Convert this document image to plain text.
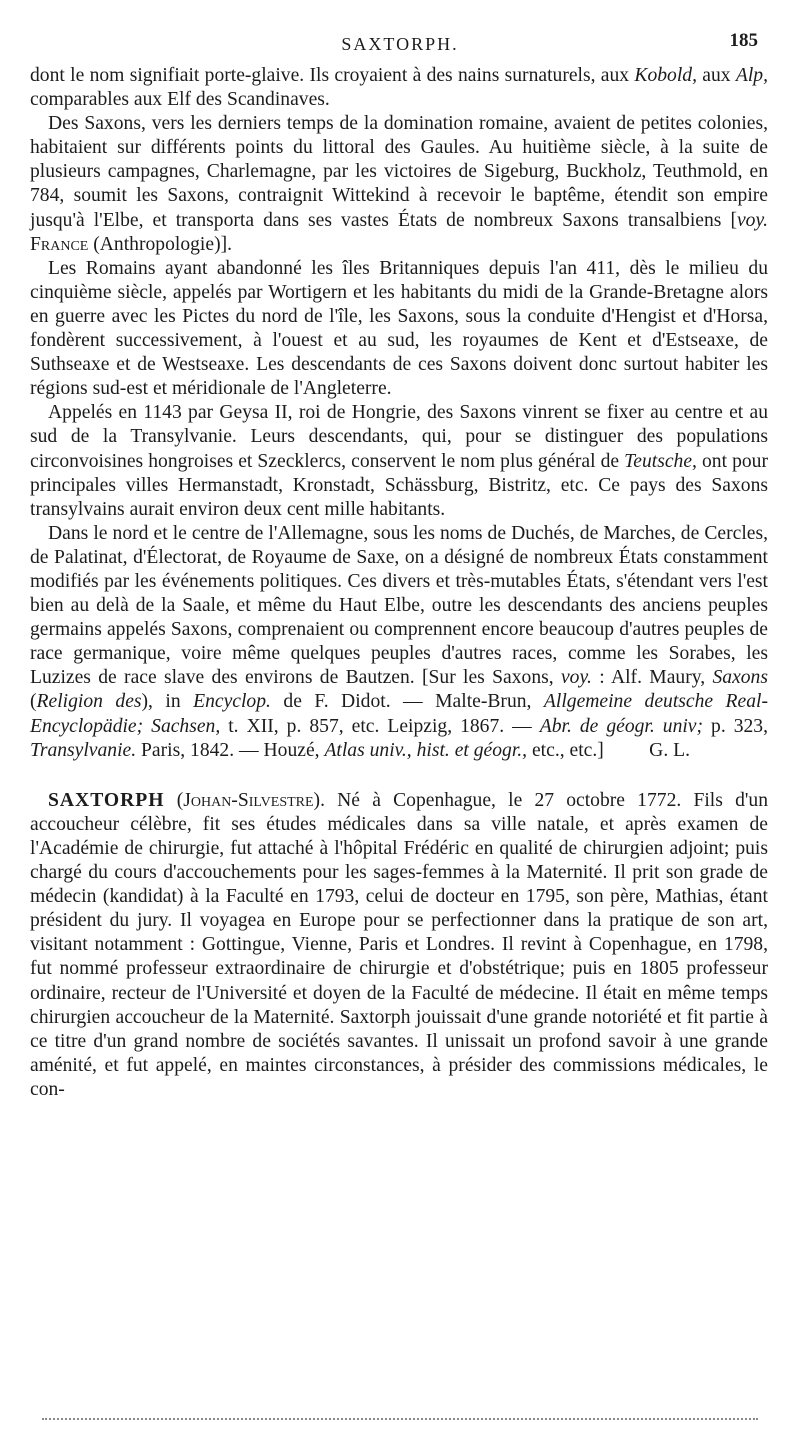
SAXTORPH.	185

dont le nom signifiait porte-glaive. Ils croyaient à des nains surnaturels, aux Kobold, aux Alp, comparables aux Elf des Scandinaves.

Des Saxons, vers les derniers temps de la domination romaine, avaient de petites colonies, habitaient sur différents points du littoral des Gaules. Au huitième siècle, à la suite de plusieurs campagnes, Charlemagne, par les victoires de Sigeburg, Buckholz, Teuthmold, en 784, soumit les Saxons, contraignit Wittekind à recevoir le baptême, étendit son empire jusqu'à l'Elbe, et transporta dans ses vastes États de nombreux Saxons transalbiens [voy. France (Anthropologie)].

Les Romains ayant abandonné les îles Britanniques depuis l'an 411, dès le milieu du cinquième siècle, appelés par Wortigern et les habitants du midi de la Grande-Bretagne alors en guerre avec les Pictes du nord de l'île, les Saxons, sous la conduite d'Hengist et d'Horsa, fondèrent successivement, à l'ouest et au sud, les royaumes de Kent et d'Estseaxe, de Suthseaxe et de Westseaxe. Les descendants de ces Saxons doivent donc surtout habiter les régions sud-est et méridionale de l'Angleterre.

Appelés en 1143 par Geysa II, roi de Hongrie, des Saxons vinrent se fixer au centre et au sud de la Transylvanie. Leurs descendants, qui, pour se distinguer des populations circonvoisines hongroises et Szecklercs, conservent le nom plus général de Teutsche, ont pour principales villes Hermanstadt, Kronstadt, Schässburg, Bistritz, etc. Ce pays des Saxons transylvains aurait environ deux cent mille habitants.

Dans le nord et le centre de l'Allemagne, sous les noms de Duchés, de Marches, de Cercles, de Palatinat, d'Électorat, de Royaume de Saxe, on a désigné de nombreux États constamment modifiés par les événements politiques. Ces divers et très-mutables États, s'étendant vers l'est bien au delà de la Saale, et même du Haut Elbe, outre les descendants des anciens peuples germains appelés Saxons, comprenaient ou comprennent encore beaucoup d'autres peuples de race germanique, voire même quelques peuples d'autres races, comme les Sorabes, les Luzizes de race slave des environs de Bautzen. [Sur les Saxons, voy. : Alf. Maury, Saxons (Religion des), in Encyclop. de F. Didot. — Malte-Brun, Allgemeine deutsche Real-Encyclopädie; Sachsen, t. XII, p. 857, etc. Leipzig, 1867. — Abr. de géogr. univ; p. 323, Transylvanie. Paris, 1842. — Houzé, Atlas univ., hist. et géogr., etc., etc.]	G. L.

SAXTORPH (Johan-Silvestre). Né à Copenhague, le 27 octobre 1772. Fils d'un accoucheur célèbre, fit ses études médicales dans sa ville natale, et après examen de l'Académie de chirurgie, fut attaché à l'hôpital Frédéric en qualité de chirurgien adjoint; puis chargé du cours d'accouchements pour les sages-femmes à la Maternité. Il prit son grade de médecin (kandidat) à la Faculté en 1793, celui de docteur en 1795, son père, Mathias, étant président du jury. Il voyagea en Europe pour se perfectionner dans la pratique de son art, visitant notamment : Gottingue, Vienne, Paris et Londres. Il revint à Copenhague, en 1798, fut nommé professeur extraordinaire de chirurgie et d'obstétrique; puis en 1805 professeur ordinaire, recteur de l'Université et doyen de la Faculté de médecine. Il était en même temps chirurgien accoucheur de la Maternité. Saxtorph jouissait d'une grande notoriété et fit partie à ce titre d'un grand nombre de sociétés savantes. Il unissait un profond savoir à une grande aménité, et fut appelé, en maintes circonstances, à présider des commissions médicales, le con-
